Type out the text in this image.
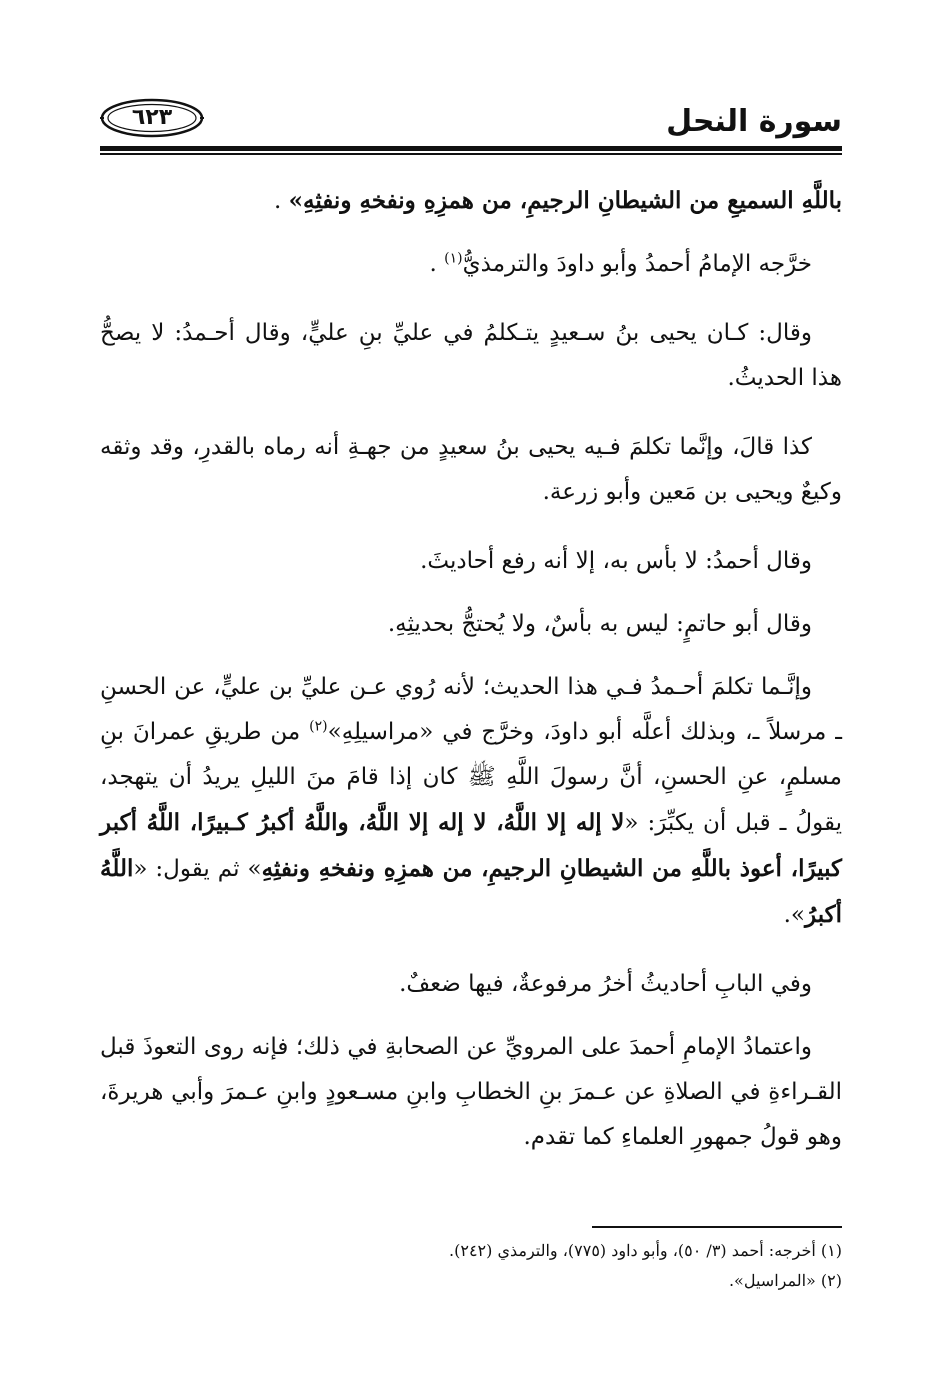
سورة النحل
٦٢٣

باللَّهِ السميعِ من الشيطانِ الرجيمِ، من همزِهِ ونفخهِ ونفثِهِ» .

خرَّجه الإمامُ أحمدُ وأبو داودَ والترمذيُّ$^{(١)}$ .

وقال: كـان يحيى بنُ سـعيدٍ يتـكلمُ في عليِّ بنِ عليٍّ، وقال أحـمدُ: لا يصحُّ هذا الحديثُ.

كذا قالَ، وإنَّما تكلمَ فـيه يحيى بنُ سعيدٍ من جهـةِ أنه رماه بالقدرِ، وقد وثقه وكيعٌ ويحيى بن مَعين وأبو زرعة.

وقال أحمدُ: لا بأس به، إلا أنه رفع أحاديثَ.

وقال أبو حاتمٍ: ليس به بأسٌ، ولا يُحتجُّ بحديثِهِ.

وإنَّـما تكلمَ أحـمدُ فـي هذا الحديث؛ لأنه رُوي عـن عليِّ بن عليٍّ، عن الحسنِ ـ مرسلاً ـ، وبذلك أعلَّه أبو داودَ، وخرَّج في «مراسيلِهِ»$^{(٢)}$ من طريقِ عمرانَ بنِ مسلمٍ، عنِ الحسنِ، أنَّ رسولَ اللَّهِ ﷺ كان إذا قامَ منَ الليلِ يريدُ أن يتهجد، يقولُ ـ قبل أن يكبِّرَ: «لا إله إلا اللَّهُ، لا إله إلا اللَّهُ، واللَّهُ أكبرُ كـبيرًا، اللَّهُ أكبر كبيرًا، أعوذ باللَّهِ من الشيطانِ الرجيمِ، من همزِهِ ونفخهِ ونفثِهِ» ثم يقول: «اللَّهُ أكبرُ».

وفي البابِ أحاديثُ أخرُ مرفوعةٌ، فيها ضعفٌ.

واعتمادُ الإمامِ أحمدَ على المرويِّ عن الصحابةِ في ذلك؛ فإنه روى التعوذَ قبل القـراءةِ في الصلاةِ عن عـمرَ بنِ الخطابِ وابنِ مسـعودٍ وابنِ عـمرَ وأبي هريرةَ، وهو قولُ جمهورِ العلماءِ كما تقدم.

(١) أخرجه: أحمد (٣/ ٥٠)، وأبو داود (٧٧٥)، والترمذي (٢٤٢).

(٢) «المراسيل».
